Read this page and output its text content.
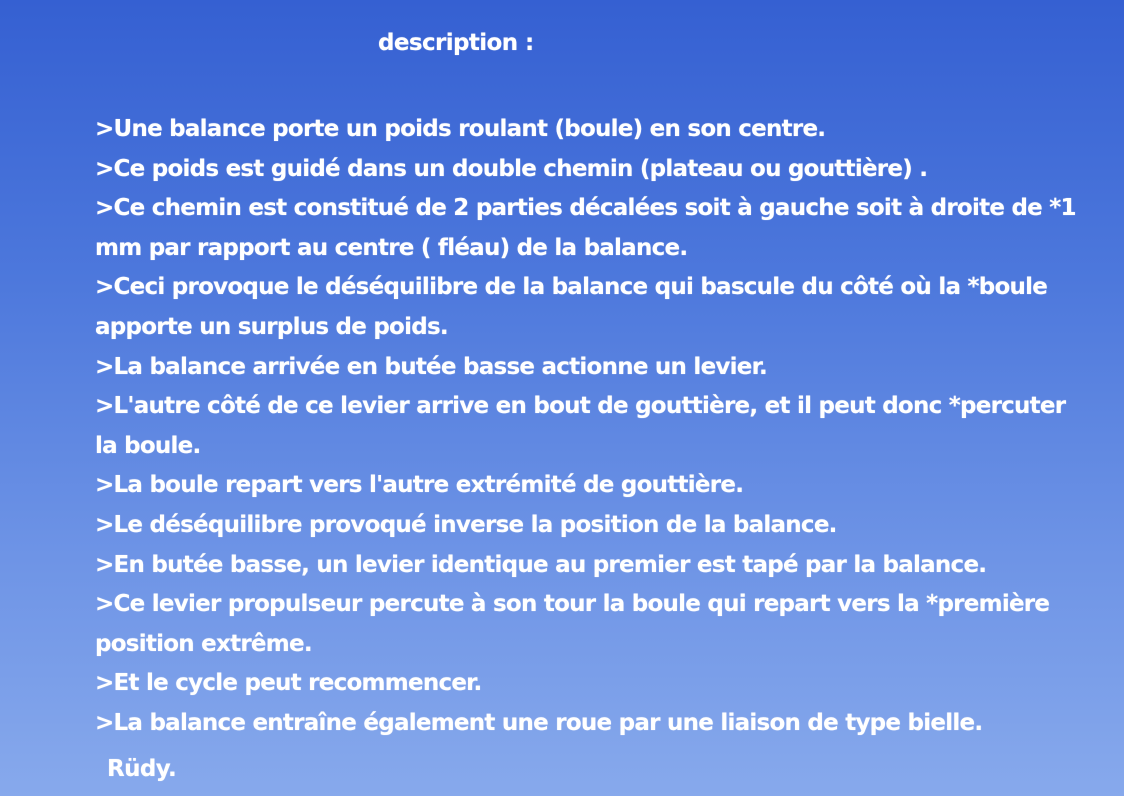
description :
>Une balance porte un poids roulant (boule) en son centre.
>Ce poids est guidé dans un double chemin (plateau ou gouttière) .
>Ce chemin est constitué de 2 parties décalées soit à gauche soit à droite de *1
mm par rapport au centre ( fléau) de la balance.
>Ceci provoque le déséquilibre de la balance qui bascule du côté où la *boule
apporte un surplus de poids.
>La balance arrivée en butée basse actionne un levier.
>L'autre côté de ce levier arrive en bout de gouttière, et il peut donc *percuter
la boule.
>La boule repart vers l'autre extrémité de gouttière.
>Le déséquilibre provoqué inverse la position de la balance.
>En butée basse, un levier identique au premier est tapé par la balance.
>Ce levier propulseur percute à son tour la boule qui repart vers la *première
position extrême.
>Et le cycle peut recommencer.
>La balance entraîne également une roue par une liaison de type bielle.
Rüdy.
